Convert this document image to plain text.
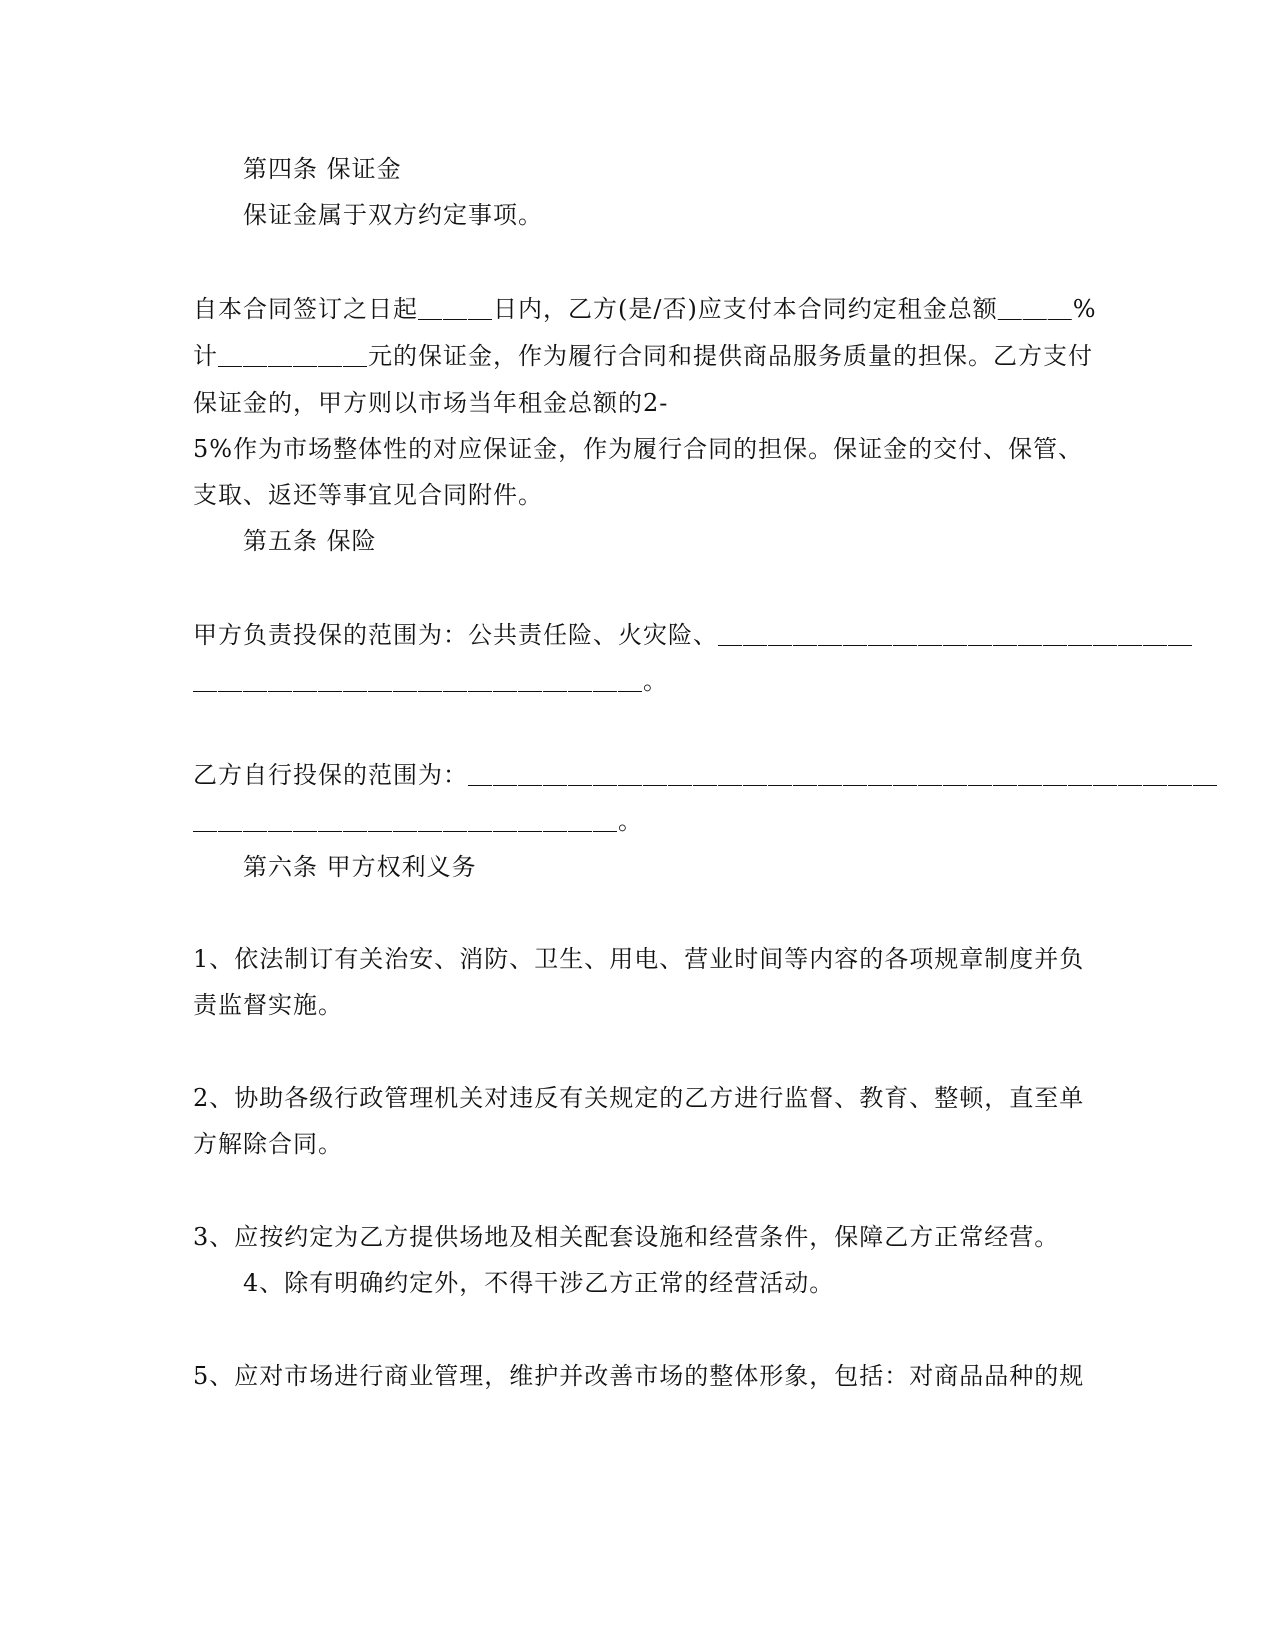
第四条 保证金
保证金属于双方约定事项。
自本合同签订之日起＿＿＿日内，乙方(是/否)应支付本合同约定租金总额＿＿＿%
计＿＿＿＿＿＿元的保证金，作为履行合同和提供商品服务质量的担保。乙方支付
保证金的，甲方则以市场当年租金总额的2-
5%作为市场整体性的对应保证金，作为履行合同的担保。保证金的交付、保管、
支取、返还等事宜见合同附件。
第五条 保险
甲方负责投保的范围为：公共责任险、火灾险、＿＿＿＿＿＿＿＿＿＿＿＿＿＿＿＿＿＿＿
＿＿＿＿＿＿＿＿＿＿＿＿＿＿＿＿＿＿。
乙方自行投保的范围为：＿＿＿＿＿＿＿＿＿＿＿＿＿＿＿＿＿＿＿＿＿＿＿＿＿＿＿＿＿＿
＿＿＿＿＿＿＿＿＿＿＿＿＿＿＿＿＿。
第六条 甲方权利义务
1、依法制订有关治安、消防、卫生、用电、营业时间等内容的各项规章制度并负
责监督实施。
2、协助各级行政管理机关对违反有关规定的乙方进行监督、教育、整顿，直至单
方解除合同。
3、应按约定为乙方提供场地及相关配套设施和经营条件，保障乙方正常经营。
4、除有明确约定外，不得干涉乙方正常的经营活动。
5、应对市场进行商业管理，维护并改善市场的整体形象，包括：对商品品种的规
